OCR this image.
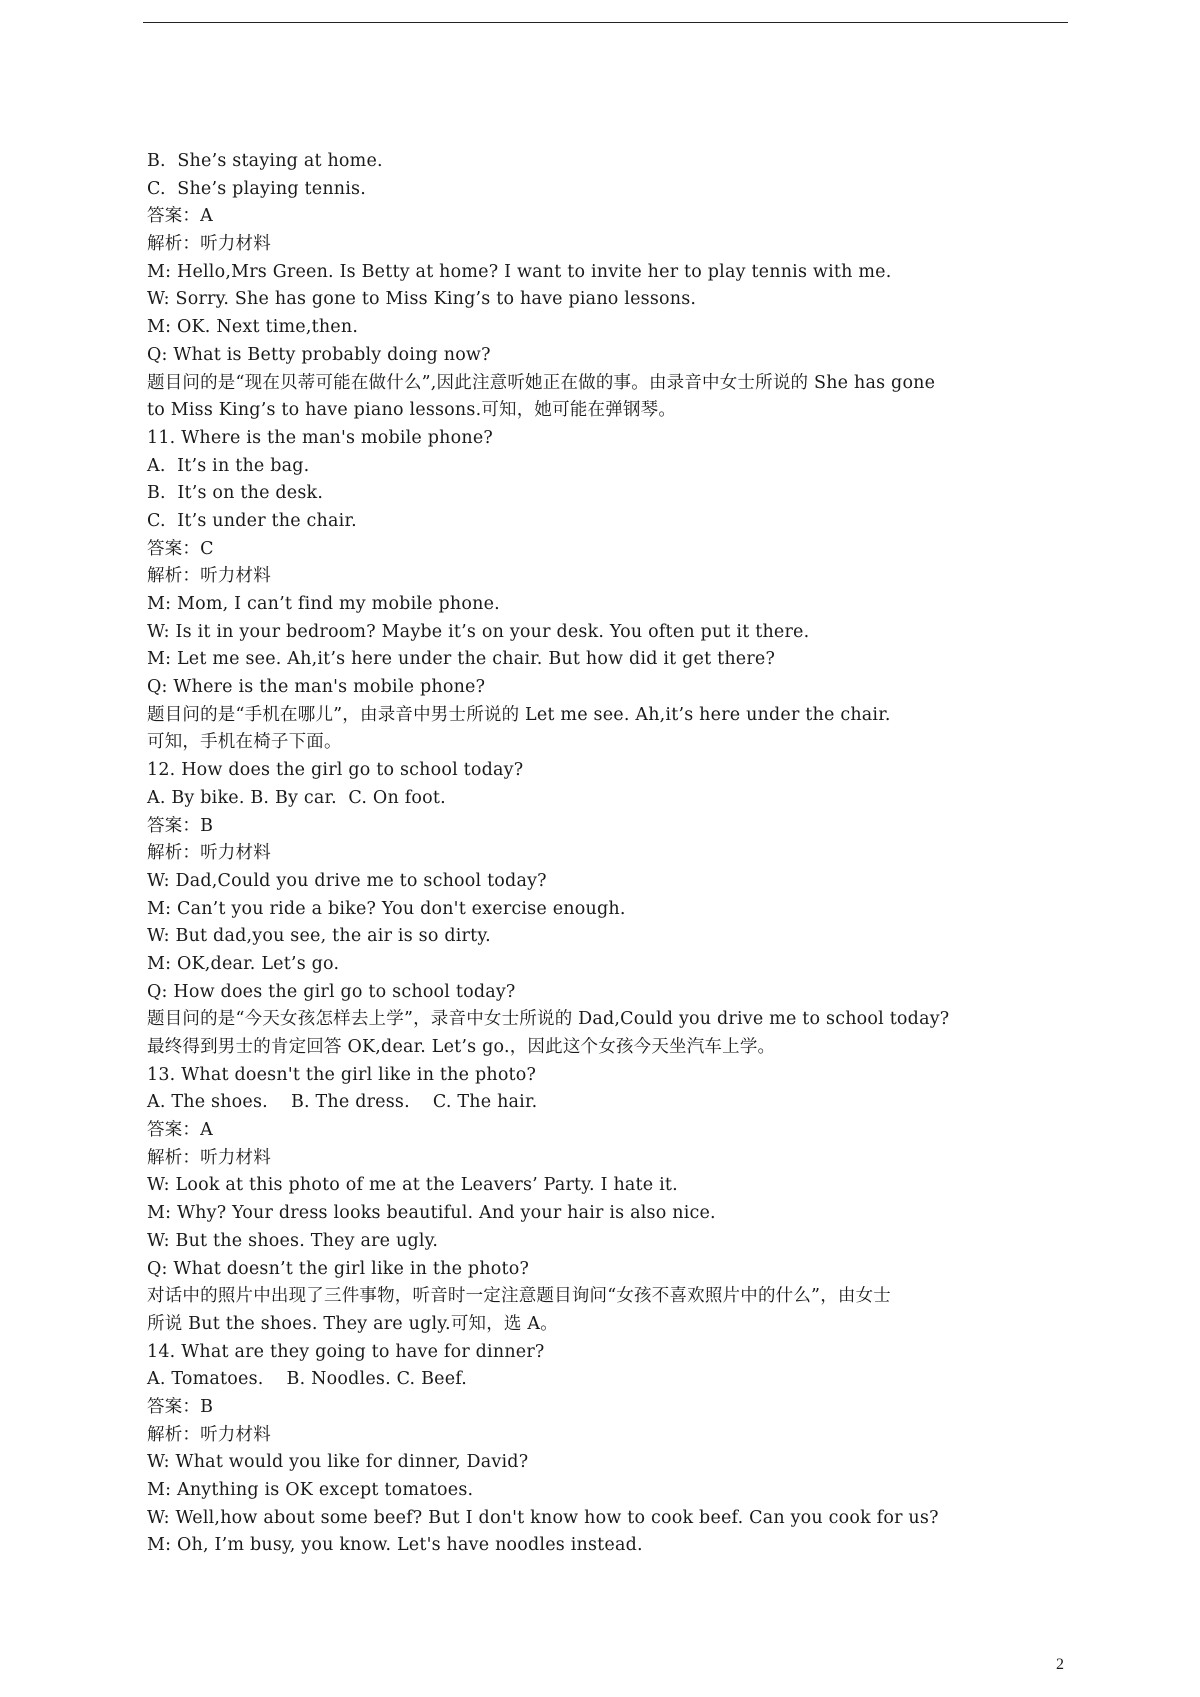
B.  She’s staying at home.
C.  She’s playing tennis.
答案：A
解析：听力材料
M: Hello,Mrs Green. Is Betty at home? I want to invite her to play tennis with me.
W: Sorry. She has gone to Miss King’s to have piano lessons.
M: OK. Next time,then.
Q: What is Betty probably doing now?
题目问的是“现在贝蒂可能在做什么”,因此注意听她正在做的事。由录音中女士所说的 She has gone
to Miss King’s to have piano lessons.可知，她可能在弹钢琴。
11. Where is the man's mobile phone?
A.  It’s in the bag.
B.  It’s on the desk.
C.  It’s under the chair.
答案：C
解析：听力材料
M: Mom, I can’t find my mobile phone.
W: Is it in your bedroom? Maybe it’s on your desk. You often put it there.
M: Let me see. Ah,it’s here under the chair. But how did it get there?
Q: Where is the man's mobile phone?
题目问的是“手机在哪儿”，由录音中男士所说的 Let me see. Ah,it’s here under the chair.
可知，手机在椅子下面。
12. How does the girl go to school today?
A. By bike. B. By car.  C. On foot.
答案：B
解析：听力材料
W: Dad,Could you drive me to school today?
M: Can’t you ride a bike? You don't exercise enough.
W: But dad,you see, the air is so dirty.
M: OK,dear. Let’s go.
Q: How does the girl go to school today?
题目问的是“今天女孩怎样去上学”，录音中女士所说的 Dad,Could you drive me to school today?
最终得到男士的肯定回答 OK,dear. Let’s go.，因此这个女孩今天坐汽车上学。
13. What doesn't the girl like in the photo?
A. The shoes.    B. The dress.    C. The hair.
答案：A
解析：听力材料
W: Look at this photo of me at the Leavers’ Party. I hate it.
M: Why? Your dress looks beautiful. And your hair is also nice.
W: But the shoes. They are ugly.
Q: What doesn’t the girl like in the photo?
对话中的照片中出现了三件事物，听音时一定注意题目询问“女孩不喜欢照片中的什么”，由女士
所说 But the shoes. They are ugly.可知，选 A。
14. What are they going to have for dinner?
A. Tomatoes.    B. Noodles. C. Beef.
答案：B
解析：听力材料
W: What would you like for dinner, David?
M: Anything is OK except tomatoes.
W: Well,how about some beef? But I don't know how to cook beef. Can you cook for us?
M: Oh, I’m busy, you know. Let's have noodles instead.
2
